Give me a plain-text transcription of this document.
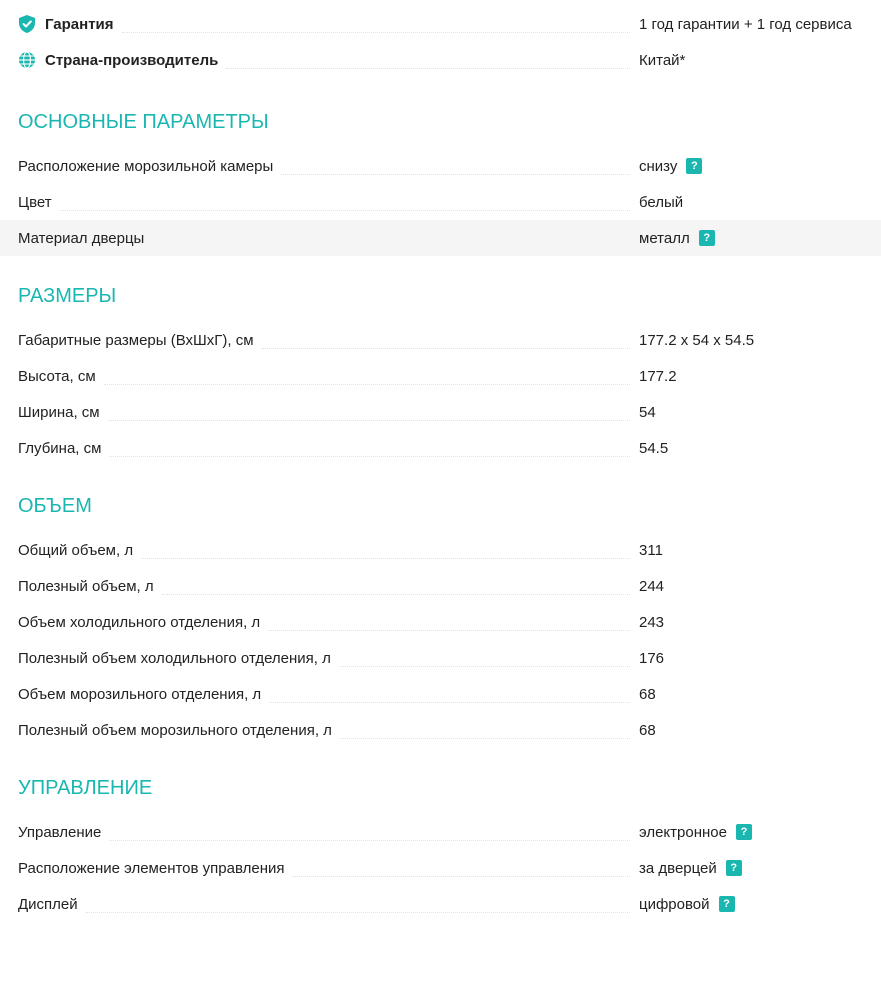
Гарантия	1 год гарантии + 1 год сервиса
Страна-производитель	Китай*
ОСНОВНЫЕ ПАРАМЕТРЫ
Расположение морозильной камеры	снизу	?
Цвет	белый
Материал дверцы	металл	?
РАЗМЕРЫ
Габаритные размеры (ВхШхГ), см	177.2 x 54 x 54.5
Высота, см	177.2
Ширина, см	54
Глубина, см	54.5
ОБЪЕМ
Общий объем, л	311
Полезный объем, л	244
Объем холодильного отделения, л	243
Полезный объем холодильного отделения, л	176
Объем морозильного отделения, л	68
Полезный объем морозильного отделения, л	68
УПРАВЛЕНИЕ
Управление	электронное	?
Расположение элементов управления	за дверцей	?
Дисплей	цифровой	?
